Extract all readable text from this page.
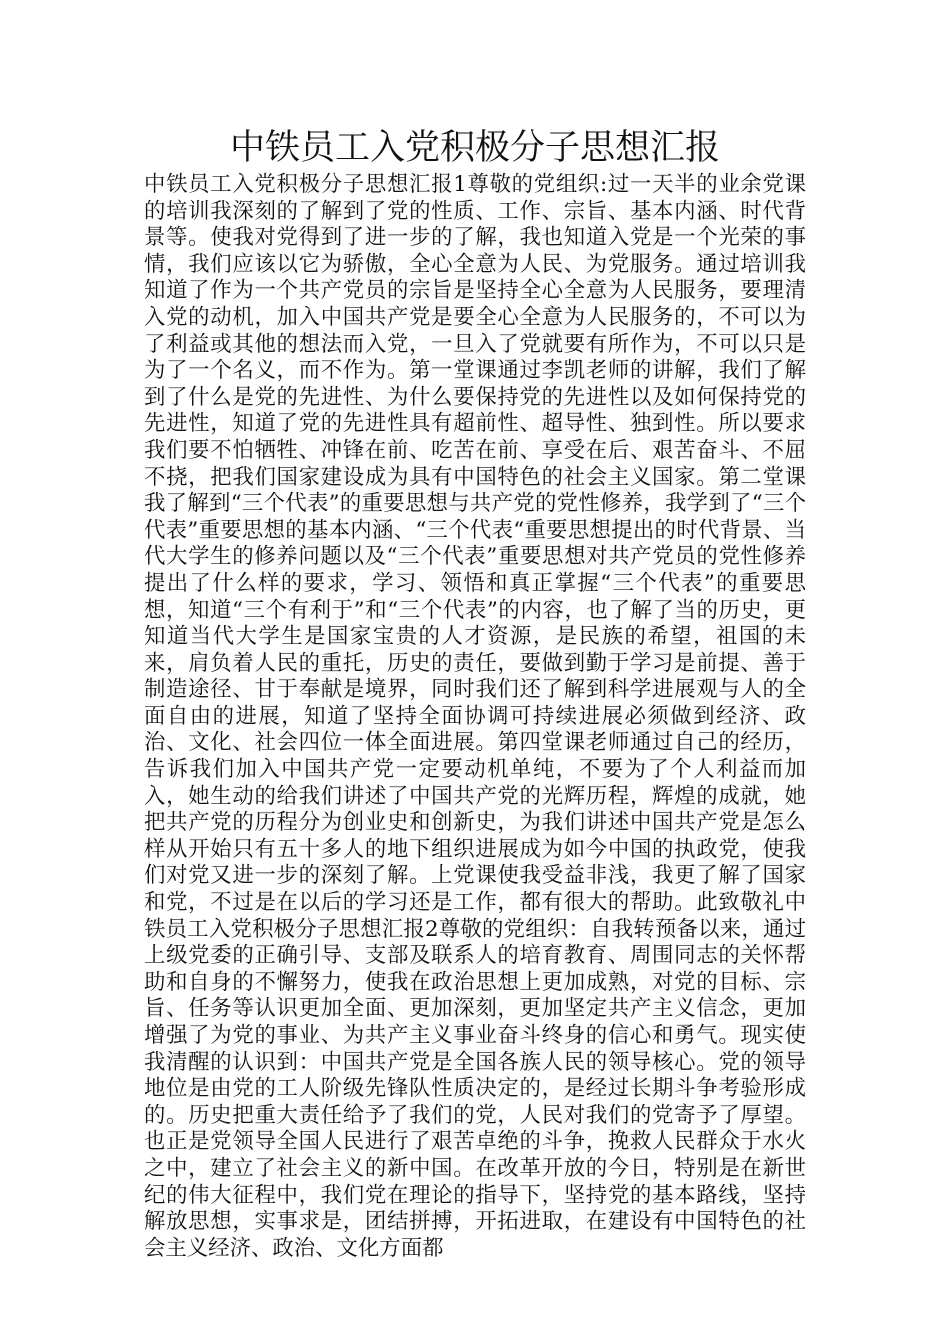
中铁员工入党积极分子思想汇报

中铁员工入党积极分子思想汇报1尊敬的党组织:过一天半的业余党课的培训我深刻的了解到了党的性质、工作、宗旨、基本内涵、时代背景等。使我对党得到了进一步的了解，我也知道入党是一个光荣的事情，我们应该以它为骄傲，全心全意为人民、为党服务。通过培训我知道了作为一个共产党员的宗旨是坚持全心全意为人民服务，要理清入党的动机，加入中国共产党是要全心全意为人民服务的，不可以为了利益或其他的想法而入党，一旦入了党就要有所作为，不可以只是为了一个名义，而不作为。第一堂课通过李凯老师的讲解，我们了解到了什么是党的先进性、为什么要保持党的先进性以及如何保持党的先进性，知道了党的先进性具有超前性、超导性、独到性。所以要求我们要不怕牺牲、冲锋在前、吃苦在前、享受在后、艰苦奋斗、不屈不挠，把我们国家建设成为具有中国特色的社会主义国家。第二堂课我了解到“三个代表”的重要思想与共产党的党性修养，我学到了“三个代表”重要思想的基本内涵、“三个代表“重要思想提出的时代背景、当代大学生的修养问题以及“三个代表”重要思想对共产党员的党性修养提出了什么样的要求，学习、领悟和真正掌握“三个代表”的重要思想，知道“三个有利于”和“三个代表”的内容，也了解了当的历史，更知道当代大学生是国家宝贵的人才资源，是民族的希望，祖国的未来，肩负着人民的重托，历史的责任，要做到勤于学习是前提、善于制造途径、甘于奉献是境界，同时我们还了解到科学进展观与人的全面自由的进展，知道了坚持全面协调可持续进展必须做到经济、政治、文化、社会四位一体全面进展。第四堂课老师通过自己的经历，告诉我们加入中国共产党一定要动机单纯，不要为了个人利益而加入，她生动的给我们讲述了中国共产党的光辉历程，辉煌的成就，她把共产党的历程分为创业史和创新史，为我们讲述中国共产党是怎么样从开始只有五十多人的地下组织进展成为如今中国的执政党，使我们对党又进一步的深刻了解。上党课使我受益非浅，我更了解了国家和党，不过是在以后的学习还是工作，都有很大的帮助。此致敬礼中铁员工入党积极分子思想汇报2尊敬的党组织：自我转预备以来，通过上级党委的正确引导、支部及联系人的培育教育、周围同志的关怀帮助和自身的不懈努力，使我在政治思想上更加成熟，对党的目标、宗旨、任务等认识更加全面、更加深刻，更加坚定共产主义信念，更加增强了为党的事业、为共产主义事业奋斗终身的信心和勇气。现实使我清醒的认识到：中国共产党是全国各族人民的领导核心。党的领导地位是由党的工人阶级先锋队性质决定的，是经过长期斗争考验形成的。历史把重大责任给予了我们的党，人民对我们的党寄予了厚望。也正是党领导全国人民进行了艰苦卓绝的斗争，挽救人民群众于水火之中，建立了社会主义的新中国。在改革开放的今日，特别是在新世纪的伟大征程中，我们党在理论的指导下，坚持党的基本路线，坚持解放思想，实事求是，团结拼搏，开拓进取，在建设有中国特色的社会主义经济、政治、文化方面都
